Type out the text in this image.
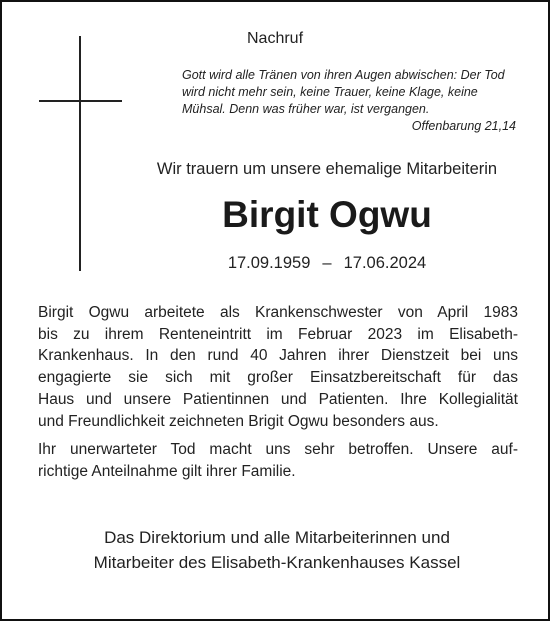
Nachruf
Gott wird alle Tränen von ihren Augen abwischen: Der Tod
wird nicht mehr sein, keine Trauer, keine Klage, keine
Mühsal. Denn was früher war, ist vergangen.
Offenbarung 21,14
Wir trauern um unsere ehemalige Mitarbeiterin
Birgit Ogwu
17.09.1959 – 17.06.2024

Birgit Ogwu arbeitete als Krankenschwester von April 1983
bis zu ihrem Renteneintritt im Februar 2023 im Elisabeth-
Krankenhaus. In den rund 40 Jahren ihrer Dienstzeit bei uns
engagierte sie sich mit großer Einsatzbereitschaft für das
Haus und unsere Patientinnen und Patienten. Ihre Kollegialität
und Freundlichkeit zeichneten Brigit Ogwu besonders aus.

Ihr unerwarteter Tod macht uns sehr betroffen. Unsere auf-
richtige Anteilnahme gilt ihrer Familie.

Das Direktorium und alle Mitarbeiterinnen und
Mitarbeiter des Elisabeth-Krankenhauses Kassel
